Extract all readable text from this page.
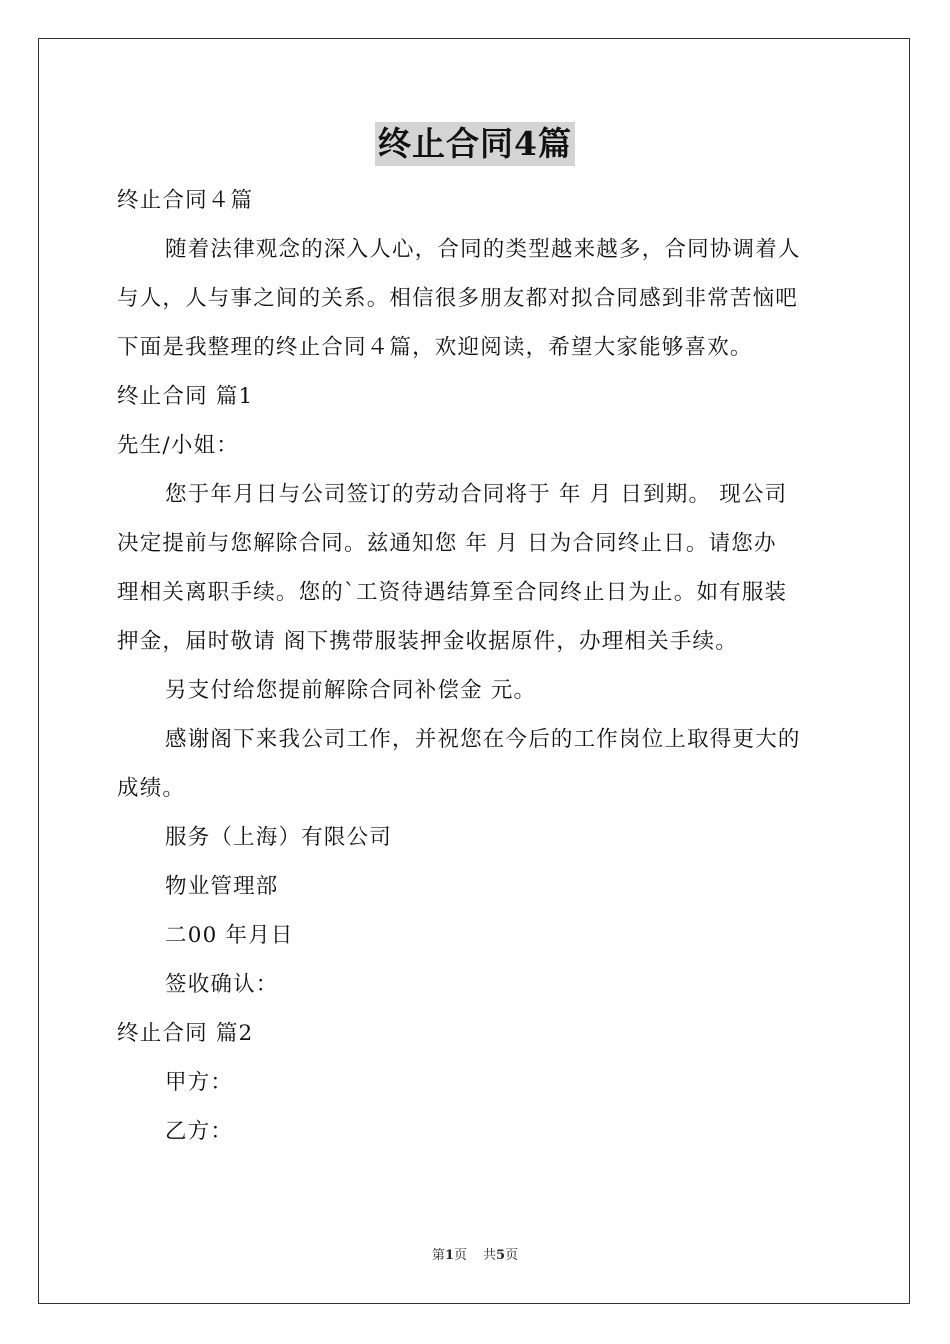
终止合同4篇
终止合同４篇
随着法律观念的深入人心，合同的类型越来越多，合同协调着人
与人，人与事之间的关系。相信很多朋友都对拟合同感到非常苦恼吧
下面是我整理的终止合同４篇，欢迎阅读，希望大家能够喜欢。
终止合同 篇1
先生/小姐：
您于年月日与公司签订的劳动合同将于 年 月 日到期。 现公司
决定提前与您解除合同。兹通知您 年 月 日为合同终止日。请您办
理相关离职手续。您的`工资待遇结算至合同终止日为止。如有服装
押金，届时敬请 阁下携带服装押金收据原件，办理相关手续。
另支付给您提前解除合同补偿金 元。
感谢阁下来我公司工作，并祝您在今后的工作岗位上取得更大的
成绩。
服务（上海）有限公司
物业管理部
二00 年月日
签收确认：
终止合同 篇2
甲方：
乙方：
第1页 共5页
